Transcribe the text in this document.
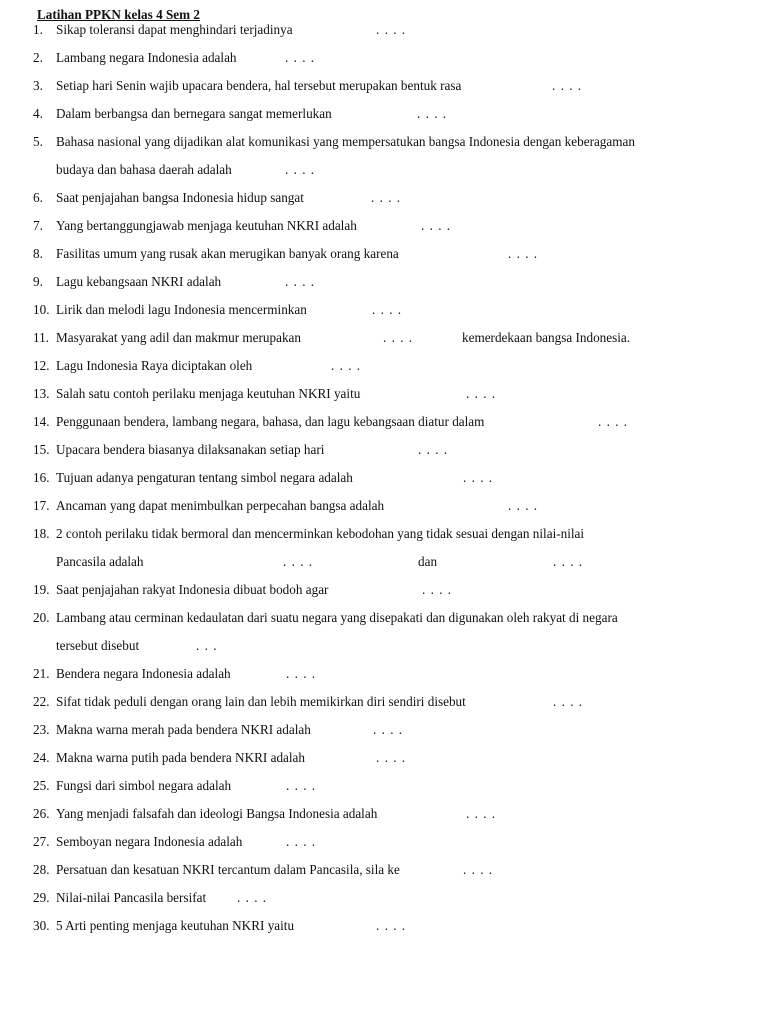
Latihan PPKN kelas 4 Sem 2
1. Sikap toleransi dapat menghindari terjadinya	. . . .
2. Lambang negara Indonesia adalah	. . . .
3. Setiap hari Senin wajib upacara bendera, hal tersebut merupakan bentuk rasa	. . . .
4. Dalam berbangsa dan bernegara sangat memerlukan	. . . .
5. Bahasa nasional yang dijadikan alat komunikasi yang mempersatukan bangsa Indonesia dengan keberagaman
budaya dan bahasa daerah adalah	. . . .
6. Saat penjajahan bangsa Indonesia hidup sangat	. . . .
7. Yang bertanggungjawab menjaga keutuhan NKRI adalah	. . . .
8. Fasilitas umum yang rusak akan merugikan banyak orang karena	. . . .
9. Lagu kebangsaan NKRI adalah	. . . .
10. Lirik dan melodi lagu Indonesia mencerminkan	. . . .
11. Masyarakat yang adil dan makmur merupakan	. . . .	kemerdekaan bangsa Indonesia.
12. Lagu Indonesia Raya diciptakan oleh	. . . .
13. Salah satu contoh perilaku menjaga keutuhan NKRI yaitu	. . . .
14. Penggunaan bendera, lambang negara, bahasa, dan lagu kebangsaan diatur dalam	. . . .
15. Upacara bendera biasanya dilaksanakan setiap hari	. . . .
16. Tujuan adanya pengaturan tentang simbol negara adalah	. . . .
17. Ancaman yang dapat menimbulkan perpecahan bangsa adalah	. . . .
18. 2 contoh perilaku tidak bermoral dan mencerminkan kebodohan yang tidak sesuai dengan nilai-nilai
Pancasila adalah	. . . .	dan	. . . .
19. Saat penjajahan rakyat Indonesia dibuat bodoh agar	. . . .
20. Lambang atau cerminan kedaulatan dari suatu negara yang disepakati dan digunakan oleh rakyat di negara
tersebut disebut	. . .
21. Bendera negara Indonesia adalah	. . . .
22. Sifat tidak peduli dengan orang lain dan lebih memikirkan diri sendiri disebut	. . . .
23. Makna warna merah pada bendera NKRI adalah	. . . .
24. Makna warna putih pada bendera NKRI adalah	. . . .
25. Fungsi dari simbol negara adalah	. . . .
26. Yang menjadi falsafah dan ideologi Bangsa Indonesia adalah	. . . .
27. Semboyan negara Indonesia adalah	. . . .
28. Persatuan dan kesatuan NKRI tercantum dalam Pancasila, sila ke	. . . .
29. Nilai-nilai Pancasila bersifat . . . .
30. 5 Arti penting menjaga keutuhan NKRI yaitu	. . . .
